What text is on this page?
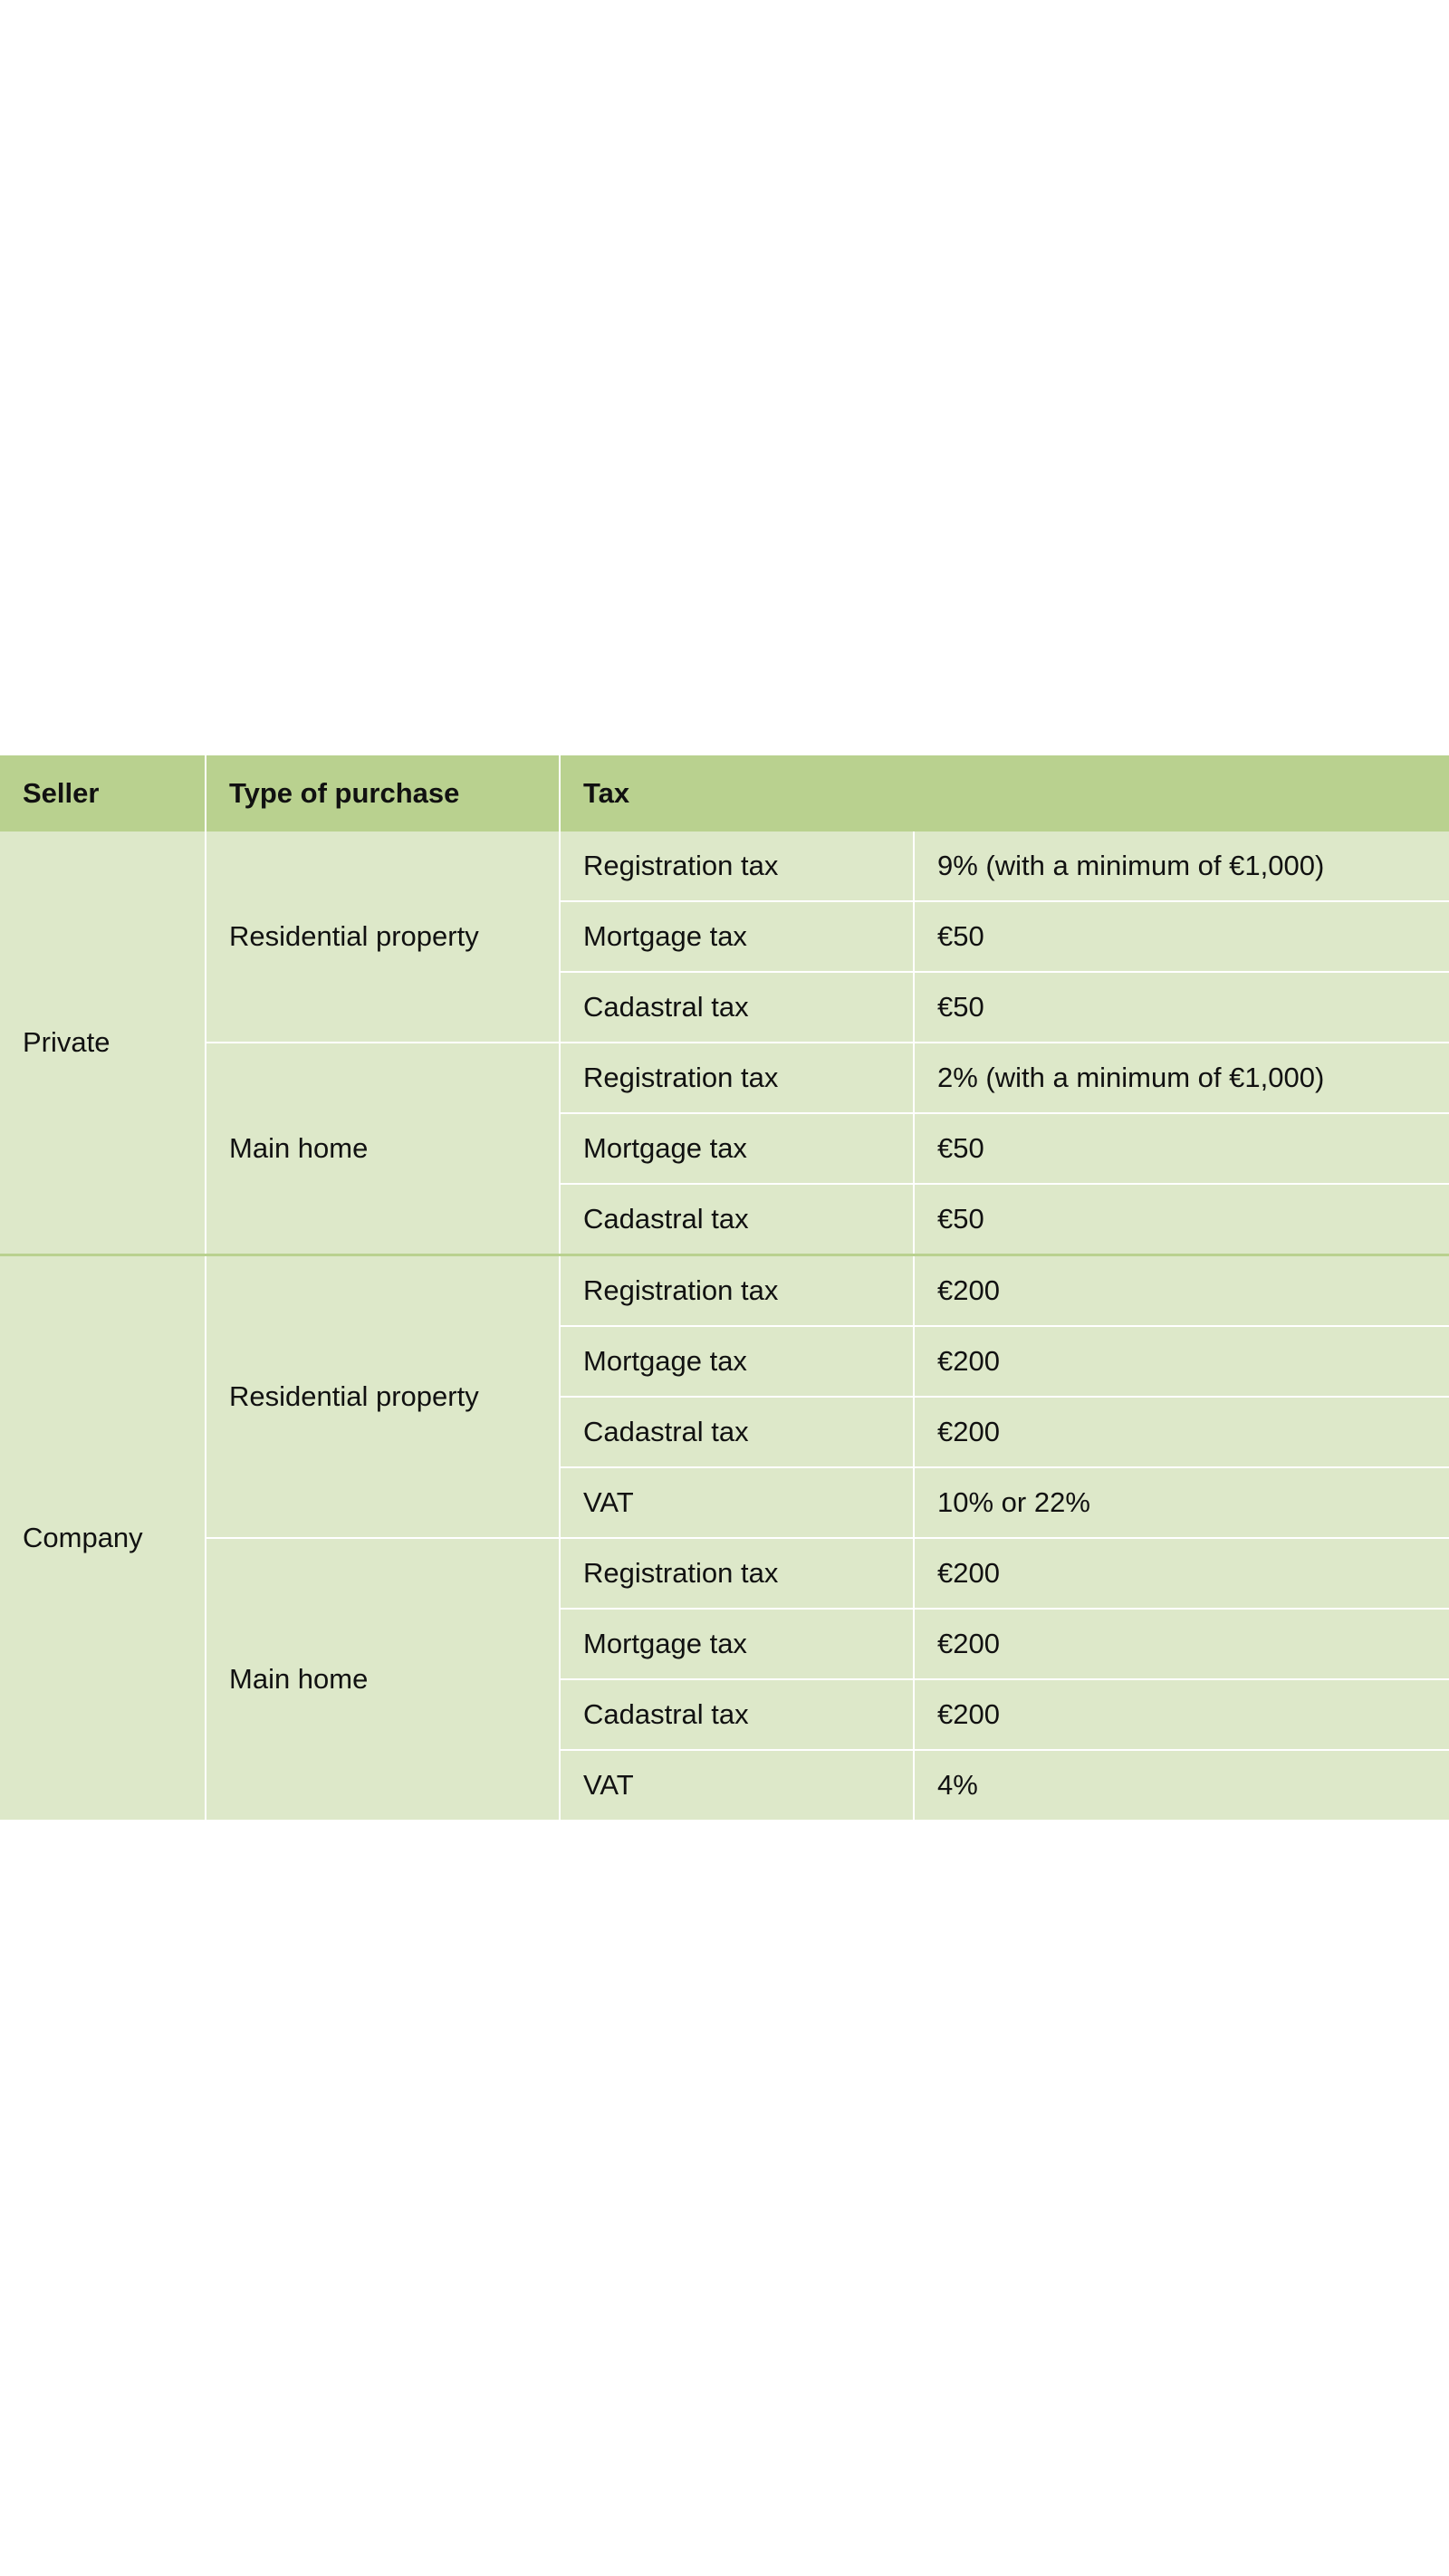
Seller	Type of purchase	Tax	
Private	Residential property	Registration tax	9% (with a minimum of €1,000)
		Mortgage tax	€50
		Cadastral tax	€50
	Main home	Registration tax	2% (with a minimum of €1,000)
		Mortgage tax	€50
		Cadastral tax	€50
Company	Residential property	Registration tax	€200
		Mortgage tax	€200
		Cadastral tax	€200
		VAT	10% or 22%
	Main home	Registration tax	€200
		Mortgage tax	€200
		Cadastral tax	€200
		VAT	4%
